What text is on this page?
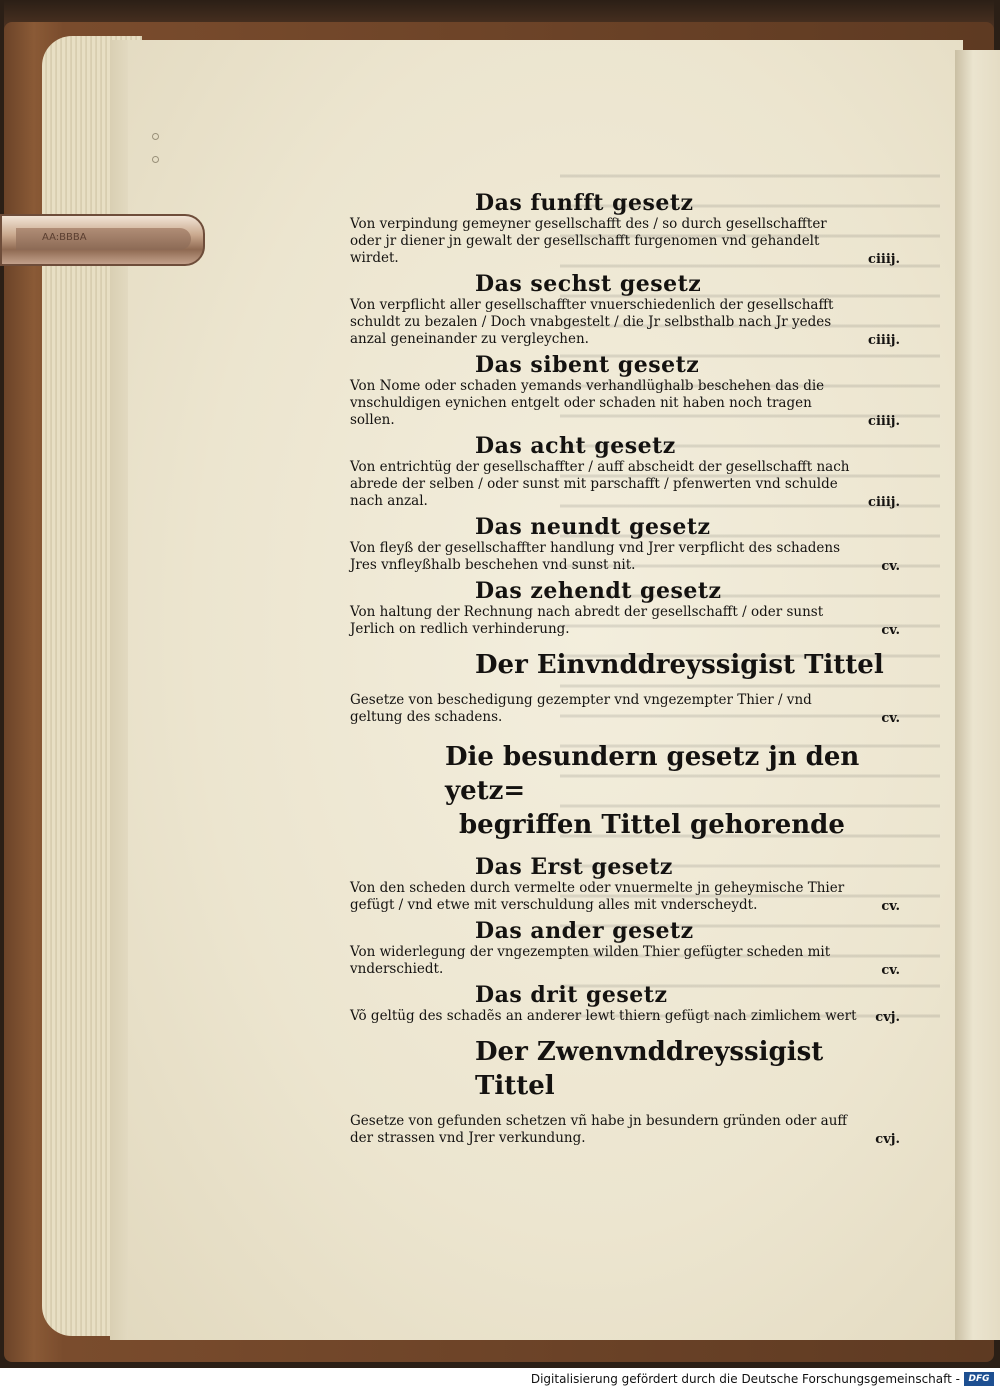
AA:BBBA
Das funfft gesetz
Von verpindung gemeyner gesellschafft des / so durch gesellschaffter oder jr diener jn gewalt der gesellschafft furgenomen vnd gehandelt wirdet.	ciiij.
Das sechst gesetz
Von verpflicht aller gesellschaffter vnuerschiedenlich der gesellschafft schuldt zu bezalen / Doch vnabgestelt / die Jr selbsthalb nach Jr yedes anzal geneinander zu vergleychen.	ciiij.
Das sibent gesetz
Von Nome oder schaden yemands verhandlüghalb beschehen das die vnschuldigen eynichen entgelt oder schaden nit haben noch tragen sollen.	ciiij.
Das acht gesetz
Von entrichtüg der gesellschaffter / auff abscheidt der gesellschafft nach abrede der selben / oder sunst mit parschafft / pfenwerten vnd schulde nach anzal.	ciiij.
Das neundt gesetz
Von fleyß der gesellschaffter handlung vnd Jrer verpflicht des schadens Jres vnfleyßhalb beschehen vnd sunst nit.	cv.
Das zehendt gesetz
Von haltung der Rechnung nach abredt der gesellschafft / oder sunst Jerlich on redlich verhinderung.	cv.
Der Einvnddreyssigist Tittel
Gesetze von beschedigung gezempter vnd vngezempter Thier / vnd geltung des schadens.	cv.
Die besundern gesetz jn den yetz=
begriffen Tittel gehorende
Das Erst gesetz
Von den scheden durch vermelte oder vnuermelte jn geheymische Thier gefügt / vnd etwe mit verschuldung alles mit vnderscheydt.	cv.
Das ander gesetz
Von widerlegung der vngezempten wilden Thier gefügter scheden mit vnderschiedt.	cv.
Das drit gesetz
Võ geltüg des schadẽs an anderer lewt thiern gefügt nach zimlichem wert	cvj.
Der Zwenvnddreyssigist Tittel
Gesetze von gefunden schetzen vñ habe jn besundern gründen oder auff der strassen vnd Jrer verkundung.	cvj.
Digitalisierung gefördert durch die Deutsche Forschungsgemeinschaft - DFG
